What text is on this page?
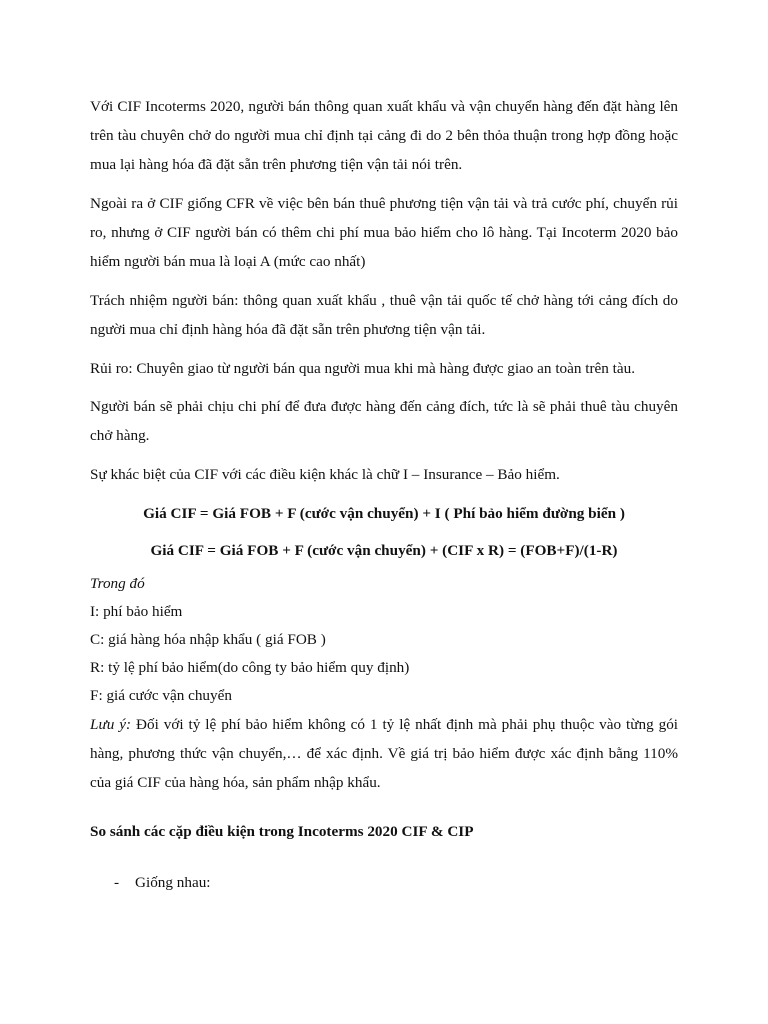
Với CIF Incoterms 2020, người bán thông quan xuất khẩu và vận chuyển hàng đến đặt hàng lên trên tàu chuyên chở do người mua chỉ định tại cảng đi do 2 bên thỏa thuận trong hợp đồng hoặc mua lại hàng hóa đã đặt sẵn trên phương tiện vận tải nói trên.

Ngoài ra ở CIF giống CFR về việc bên bán thuê phương tiện vận tải và trả cước phí, chuyển rủi ro, nhưng ở CIF người bán có thêm chi phí mua bảo hiểm cho lô hàng. Tại Incoterm 2020 bảo hiểm người bán mua là loại A (mức cao nhất)

Trách nhiệm người bán: thông quan xuất khẩu , thuê vận tải quốc tế chở hàng tới cảng đích do người mua chỉ định hàng hóa đã đặt sẵn trên phương tiện vận tải.

Rủi ro: Chuyên giao từ người bán qua người mua khi mà hàng được giao an toàn trên tàu.

Người bán sẽ phải chịu chi phí để đưa được hàng đến cảng đích, tức là sẽ phải thuê tàu chuyên chở hàng.

Sự khác biệt của CIF với các điều kiện khác là chữ I – Insurance – Bảo hiểm.

Giá CIF = Giá FOB + F (cước vận chuyển) + I ( Phí bảo hiểm đường biển )

Giá CIF = Giá FOB + F (cước vận chuyển) + (CIF x R) = (FOB+F)/(1-R)

Trong đó

I: phí bảo hiểm

C: giá hàng hóa nhập khẩu ( giá FOB )

R: tỷ lệ phí bảo hiểm(do công ty bảo hiểm quy định)

F: giá cước vận chuyển

Lưu ý: Đối với tỷ lệ phí bảo hiểm không có 1 tỷ lệ nhất định mà phải phụ thuộc vào từng gói hàng, phương thức vận chuyển,… để xác định. Về giá trị bảo hiểm được xác định bằng 110% của giá CIF của hàng hóa, sản phẩm nhập khẩu.

So sánh các cặp điều kiện trong Incoterms 2020 CIF & CIP

-	Giống nhau:
